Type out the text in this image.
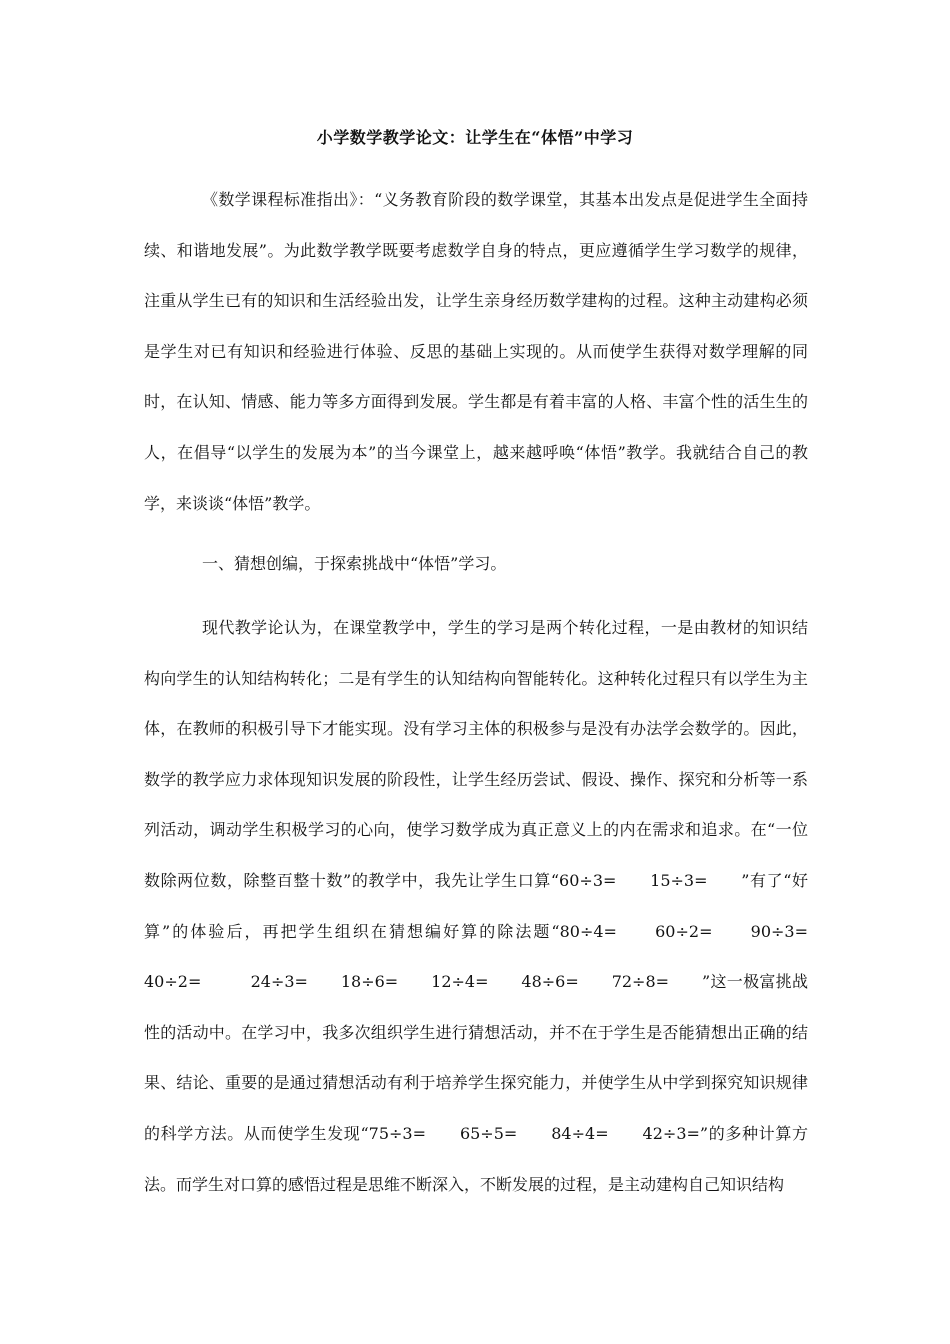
小学数学教学论文：让学生在“体悟”中学习

《数学课程标准指出》：“义务教育阶段的数学课堂，其基本出发点是促进学生全面持续、和谐地发展”。为此数学教学既要考虑数学自身的特点，更应遵循学生学习数学的规律，注重从学生已有的知识和生活经验出发，让学生亲身经历数学建构的过程。这种主动建构必须是学生对已有知识和经验进行体验、反思的基础上实现的。从而使学生获得对数学理解的同时，在认知、情感、能力等多方面得到发展。学生都是有着丰富的人格、丰富个性的活生生的人，在倡导“以学生的发展为本”的当今课堂上，越来越呼唤“体悟”教学。我就结合自己的教学，来谈谈“体悟”教学。

一、猜想创编，于探索挑战中“体悟”学习。

现代教学论认为，在课堂教学中，学生的学习是两个转化过程，一是由教材的知识结构向学生的认知结构转化；二是有学生的认知结构向智能转化。这种转化过程只有以学生为主体，在教师的积极引导下才能实现。没有学习主体的积极参与是没有办法学会数学的。因此，数学的教学应力求体现知识发展的阶段性，让学生经历尝试、假设、操作、探究和分析等一系列活动，调动学生积极学习的心向，使学习数学成为真正意义上的内在需求和追求。在“一位数除两位数，除整百整十数”的教学中，我先让学生口算“60÷3=　　15÷3=　　”有了“好算”的体验后，再把学生组织在猜想编好算的除法题“80÷4=　　60÷2=　　90÷3=　　40÷2=　　　24÷3=　　18÷6=　　12÷4=　　48÷6=　　72÷8=　　”这一极富挑战性的活动中。在学习中，我多次组织学生进行猜想活动，并不在于学生是否能猜想出正确的结果、结论、重要的是通过猜想活动有利于培养学生探究能力，并使学生从中学到探究知识规律的科学方法。从而使学生发现“75÷3=　　65÷5=　　84÷4=　　42÷3=”的多种计算方法。而学生对口算的感悟过程是思维不断深入，不断发展的过程，是主动建构自己知识结构
